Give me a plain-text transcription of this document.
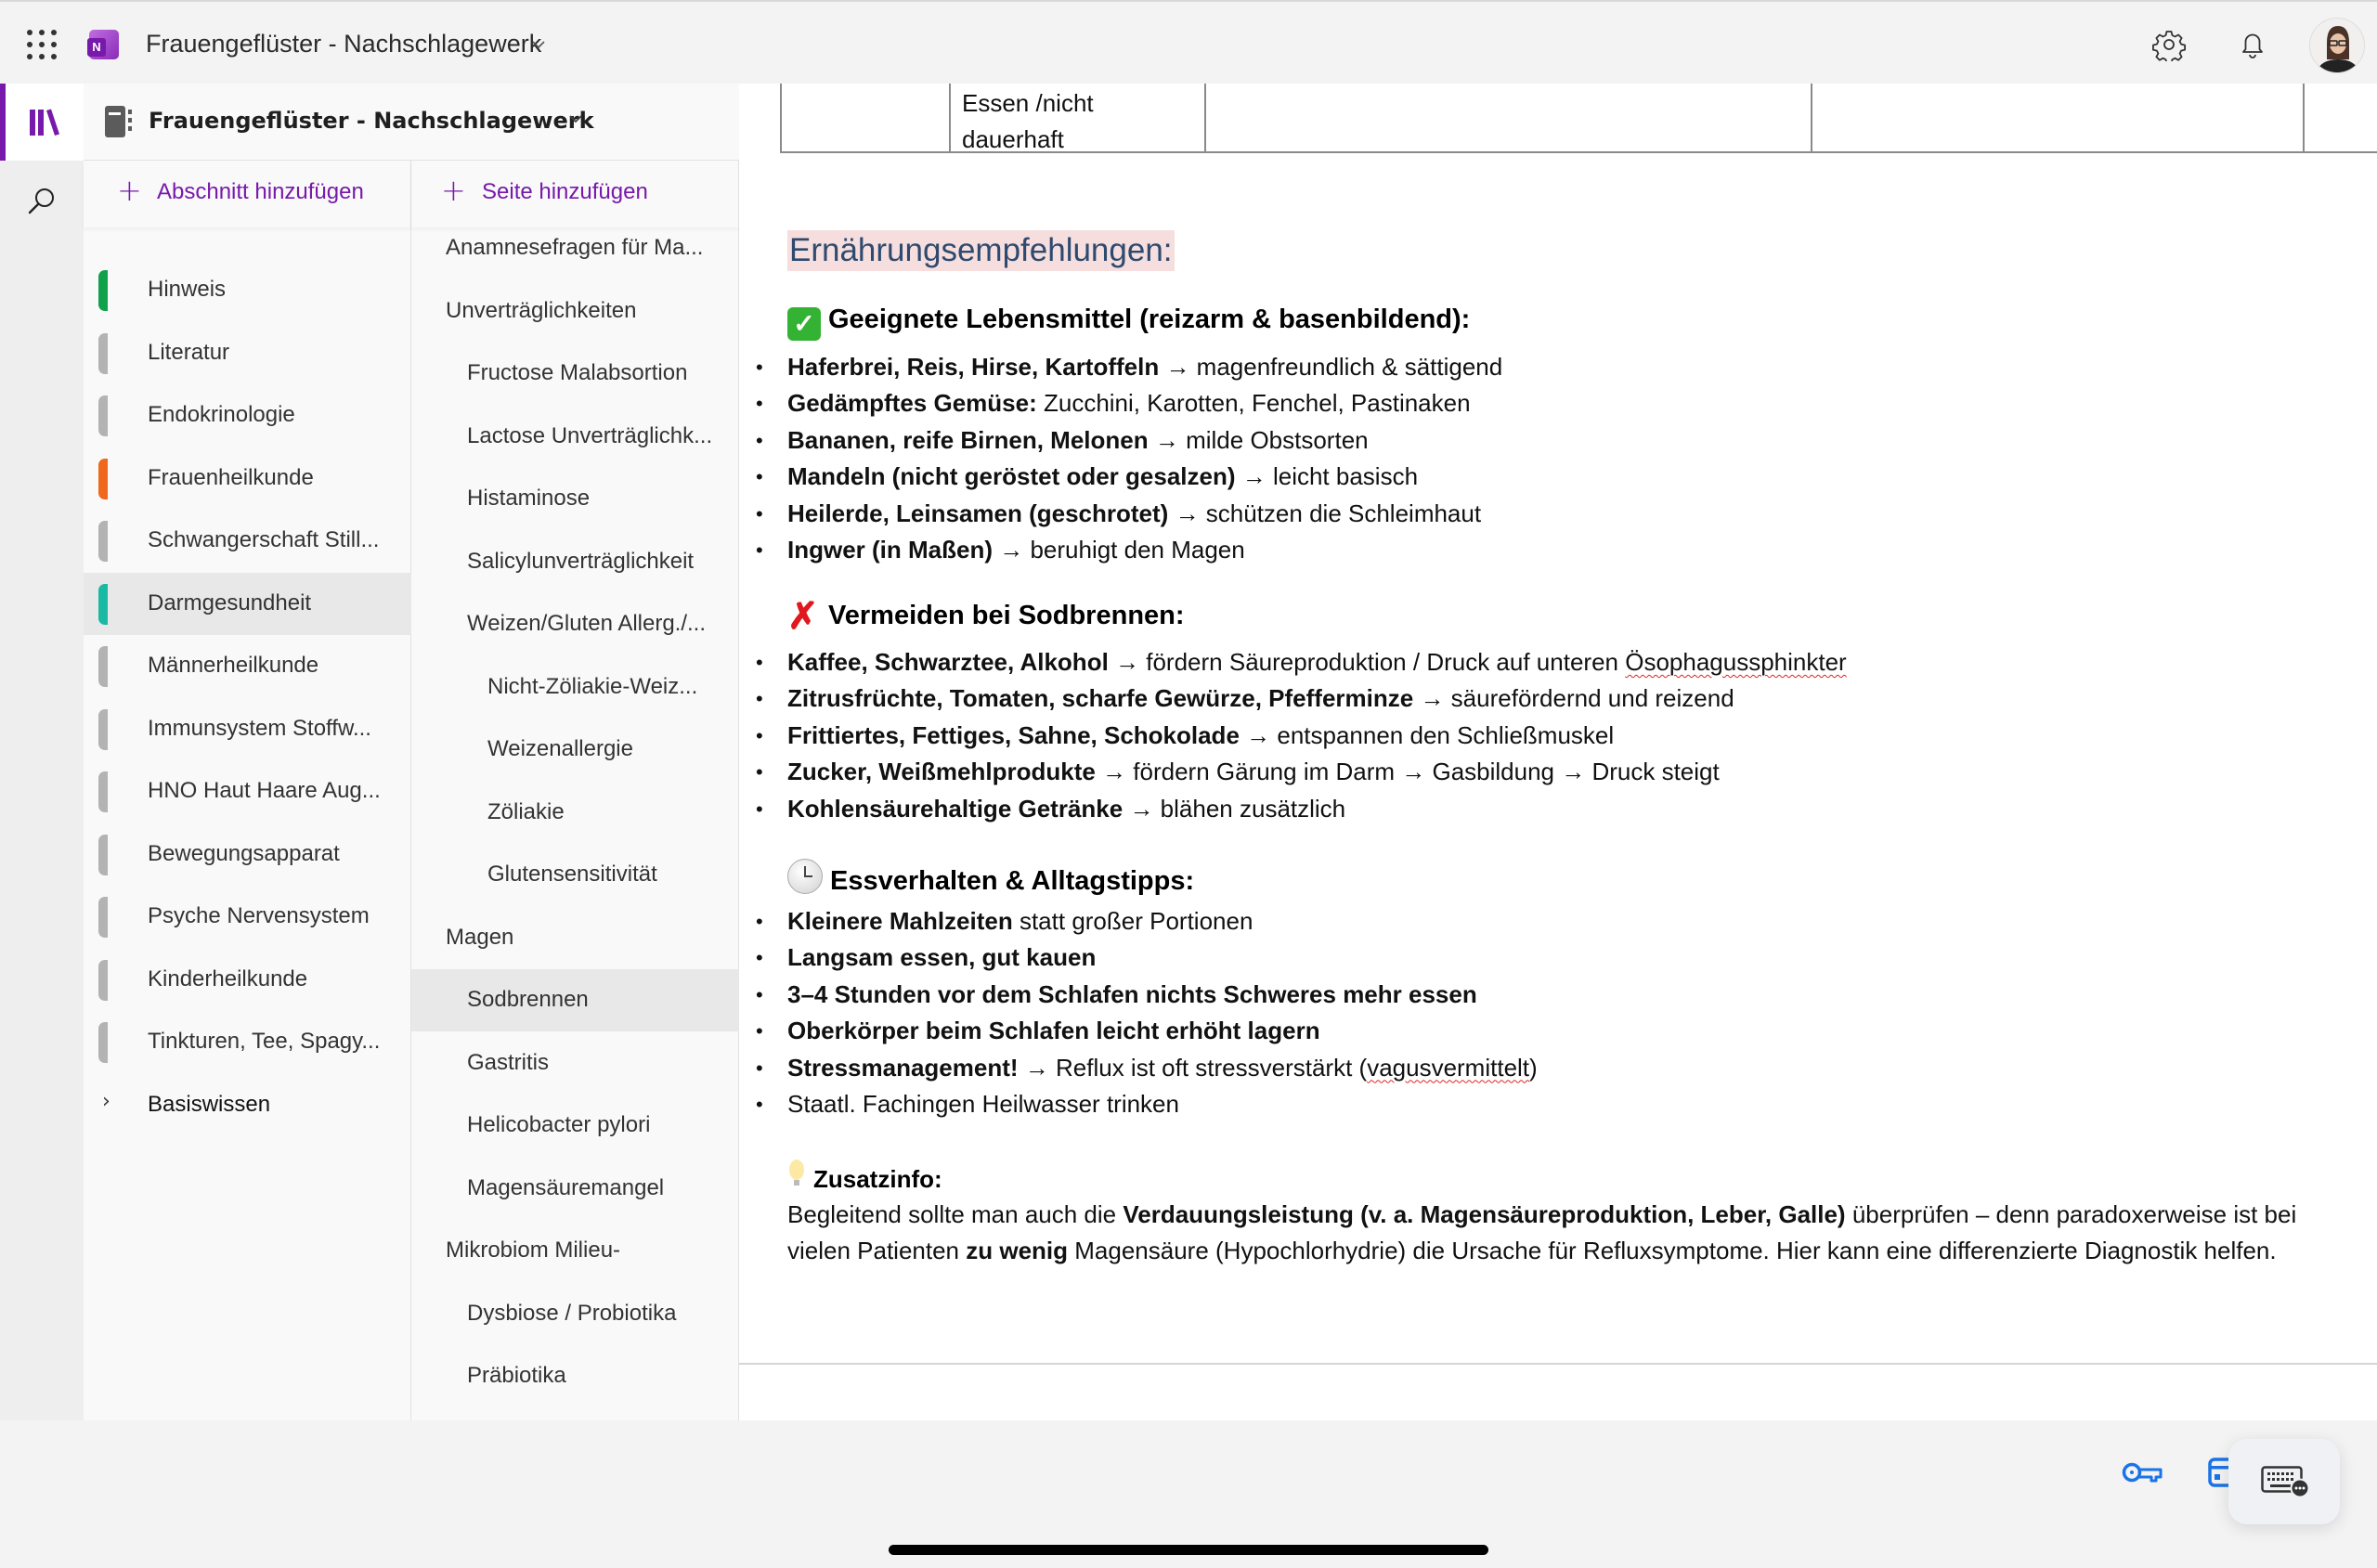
N Frauengeflüster - Nachschlagewerk
Frauengeflüster - Nachschlagewerk
+ Abschnitt hinzufügen
Hinweis
Literatur
Endokrinologie
Frauenheilkunde
Schwangerschaft Still...
Darmgesundheit
Männerheilkunde
Immunsystem Stoffw...
HNO Haut Haare Aug...
Bewegungsapparat
Psyche Nervensystem
Kinderheilkunde
Tinkturen, Tee, Spagy...
› Basiswissen
+ Seite hinzufügen
Anamnesefragen für Ma...
Unverträglichkeiten
Fructose Malabsortion
Lactose Unverträglichk...
Histaminose
Salicylunverträglichkeit
Weizen/Gluten Allerg./...
Nicht-Zöliakie-Weiz...
Weizenallergie
Zöliakie
Glutensensitivität
Magen
Sodbrennen
Gastritis
Helicobacter pylori
Magensäuremangel
Mikrobiom Milieu-
Dysbiose / Probiotika
Präbiotika
Essen /nicht
dauerhaft
Ernährungsempfehlungen:
✓ Geeignete Lebensmittel (reizarm & basenbildend):
• Haferbrei, Reis, Hirse, Kartoffeln → magenfreundlich & sättigend
• Gedämpftes Gemüse: Zucchini, Karotten, Fenchel, Pastinaken
• Bananen, reife Birnen, Melonen → milde Obstsorten
• Mandeln (nicht geröstet oder gesalzen) → leicht basisch
• Heilerde, Leinsamen (geschrotet) → schützen die Schleimhaut
• Ingwer (in Maßen) → beruhigt den Magen
✗ Vermeiden bei Sodbrennen:
• Kaffee, Schwarztee, Alkohol → fördern Säureproduktion / Druck auf unteren Ösophagussphinkter
• Zitrusfrüchte, Tomaten, scharfe Gewürze, Pfefferminze → säurefördernd und reizend
• Frittiertes, Fettiges, Sahne, Schokolade → entspannen den Schließmuskel
• Zucker, Weißmehlprodukte → fördern Gärung im Darm → Gasbildung → Druck steigt
• Kohlensäurehaltige Getränke → blähen zusätzlich
Essverhalten & Alltagstipps:
• Kleinere Mahlzeiten statt großer Portionen
• Langsam essen, gut kauen
• 3–4 Stunden vor dem Schlafen nichts Schweres mehr essen
• Oberkörper beim Schlafen leicht erhöht lagern
• Stressmanagement! → Reflux ist oft stressverstärkt (vagusvermittelt)
• Staatl. Fachingen Heilwasser trinken
Zusatzinfo:
Begleitend sollte man auch die Verdauungsleistung (v. a. Magensäureproduktion, Leber, Galle) überprüfen – denn paradoxerweise ist bei
vielen Patienten zu wenig Magensäure (Hypochlorhydrie) die Ursache für Refluxsymptome. Hier kann eine differenzierte Diagnostik helfen.
